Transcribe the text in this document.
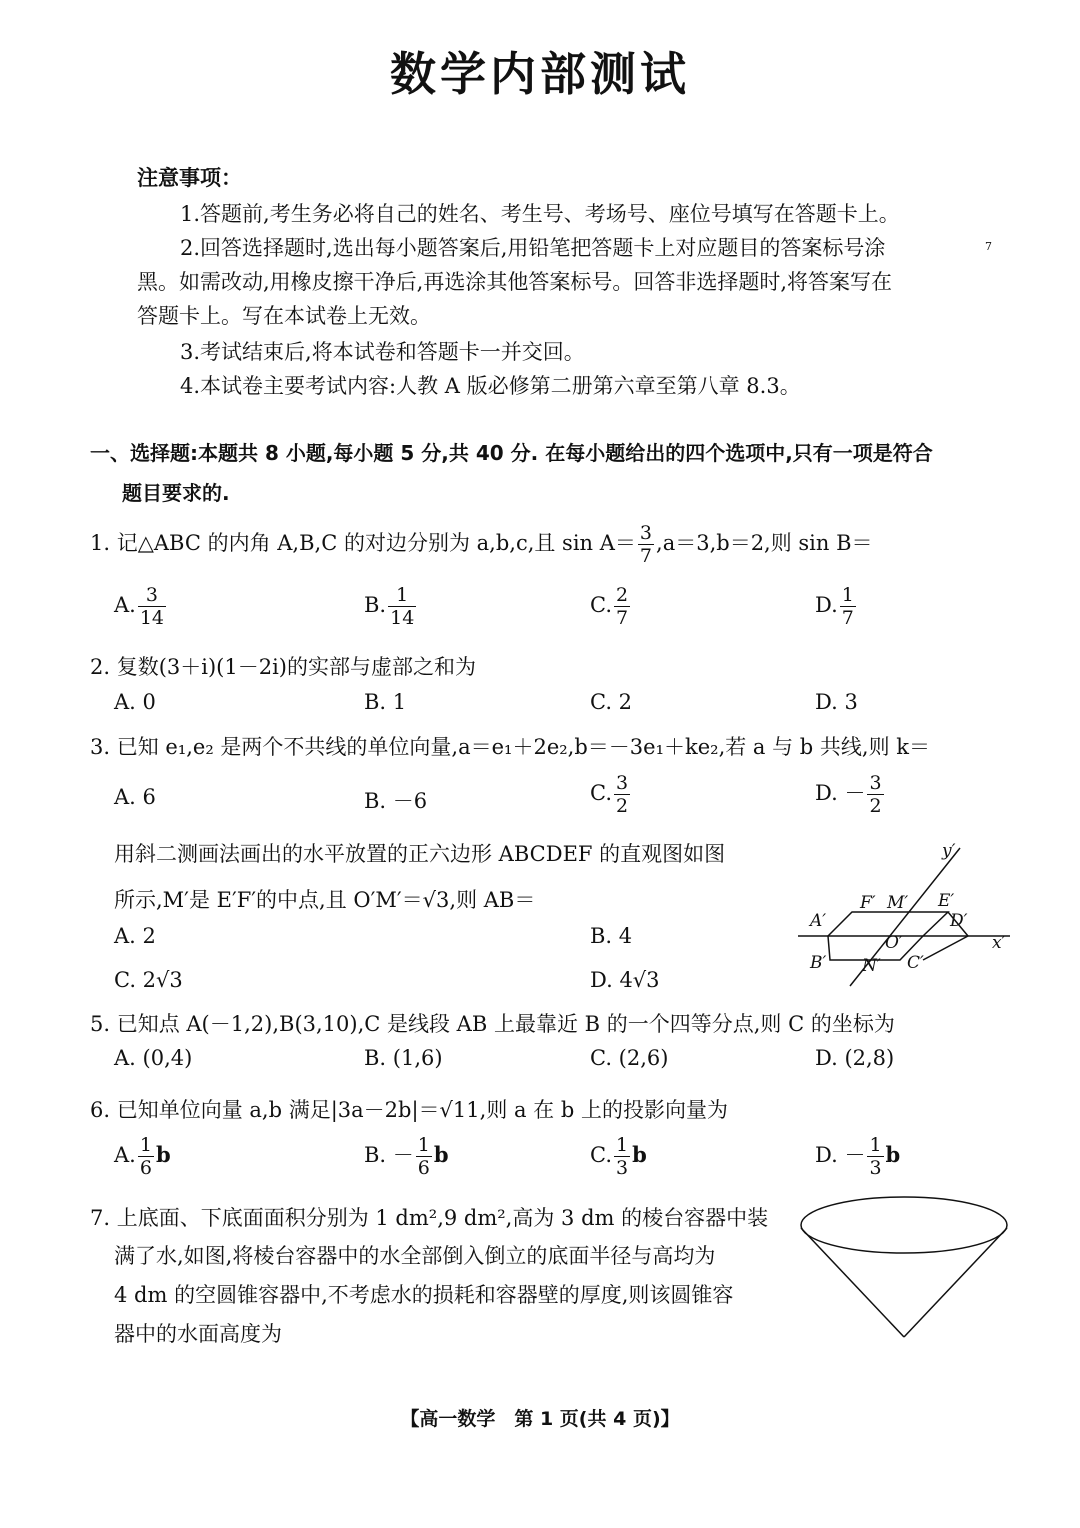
数学内部测试
注意事项：
1.答题前,考生务必将自己的姓名、考生号、考场号、座位号填写在答题卡上。
2.回答选择题时,选出每小题答案后,用铅笔把答题卡上对应题目的答案标号涂	7
黑。如需改动,用橡皮擦干净后,再选涂其他答案标号。回答非选择题时,将答案写在
答题卡上。写在本试卷上无效。
3.考试结束后,将本试卷和答题卡一并交回。
4.本试卷主要考试内容:人教 A 版必修第二册第六章至第八章 8.3。
一、选择题:本题共 8 小题,每小题 5 分,共 40 分. 在每小题给出的四个选项中,只有一项是符合
题目要求的.
1. 记△ABC 的内角 A,B,C 的对边分别为 a,b,c,且 $\sin A= \frac{3}{7} ,a=3,b=2$,则 sin B＝
A. $\frac{3}{14}$	B. $\frac{1}{14}$	C. $\frac{2}{7}$	D. $\frac{1}{7}$
2. 复数(3＋i)(1－2i)的实部与虚部之和为
A. 0	B. 1	C. 2	D. 3
3. 已知 e₁,e₂ 是两个不共线的单位向量,a＝e₁＋2e₂,b＝－3e₁＋ke₂,若 a 与 b 共线,则 k＝
A. 6	B. －6	C. $\frac{3}{2}$	D. － $\frac{3}{2}$
用斜二测画法画出的水平放置的正六边形 ABCDEF 的直观图如图
所示,M′是 E′F′的中点,且 O′M′＝√3,则 AB＝
A. 2	B. 4
C. 2√3	D. 4√3
y′
x′
F′ M′ E′
A′	D′
O′
B′ N′ C′
5. 已知点 A(－1,2),B(3,10),C 是线段 AB 上最靠近 B 的一个四等分点,则 C 的坐标为
A. (0,4)	B. (1,6)	C. (2,6)	D. (2,8)
6. 已知单位向量 a,b 满足|3a－2b|＝√11,则 a 在 b 上的投影向量为
A. $\frac{1}{6}$ b	B. － $\frac{1}{6}$ b	C. $\frac{1}{3}$ b	D. － $\frac{1}{3}$ b
7. 上底面、下底面面积分别为 1 dm²,9 dm²,高为 3 dm 的棱台容器中装
满了水,如图,将棱台容器中的水全部倒入倒立的底面半径与高均为
4 dm 的空圆锥容器中,不考虑水的损耗和容器壁的厚度,则该圆锥容
器中的水面高度为
【高一数学　第 1 页(共 4 页)】
